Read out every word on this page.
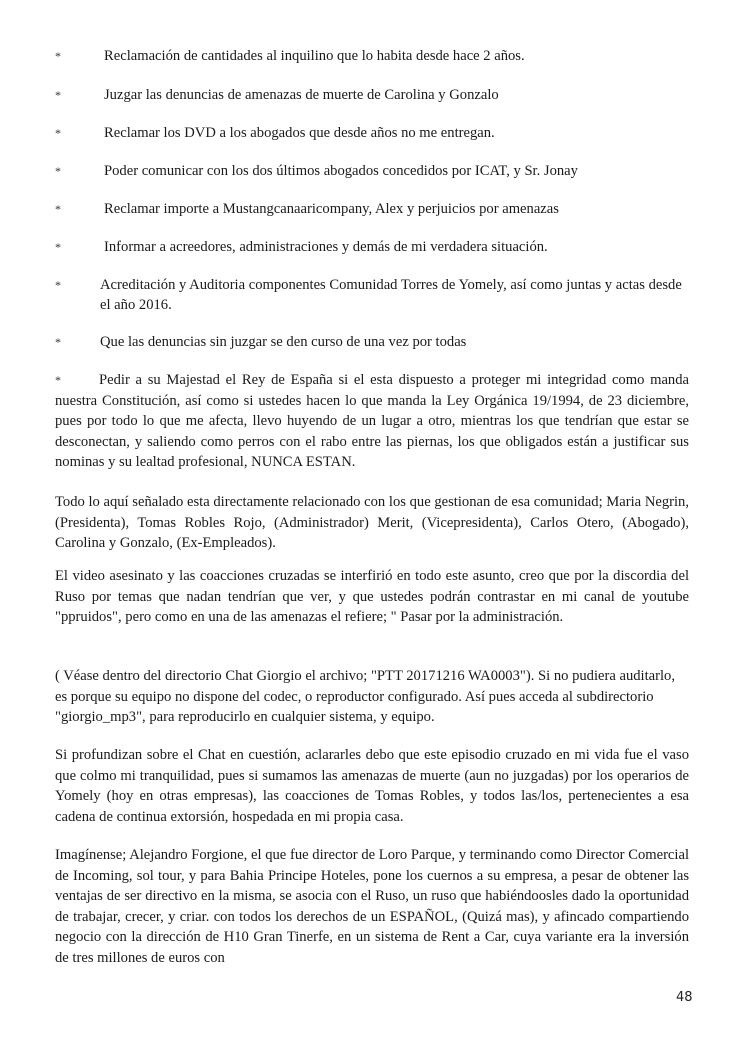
*	Reclamación de cantidades al inquilino que lo habita desde hace 2 años.
*	Juzgar las denuncias de amenazas de muerte de Carolina y Gonzalo
*	Reclamar los DVD a los abogados que desde años no me entregan.
*	Poder comunicar con los dos últimos abogados concedidos por ICAT, y Sr. Jonay
*	Reclamar importe a Mustangcanaaricompany, Alex y perjuicios por amenazas
*	Informar a acreedores, administraciones y demás de mi verdadera situación.
*	Acreditación y Auditoria componentes Comunidad Torres de Yomely, así como juntas y actas desde el año 2016.
*	Que las denuncias sin juzgar se den curso de una vez por todas
*	Pedir a su Majestad el Rey de España si el esta dispuesto a proteger mi integridad como manda nuestra Constitución, así como si ustedes hacen lo que manda la Ley Orgánica 19/1994, de 23 diciembre, pues por todo lo que me afecta, llevo huyendo de un lugar a otro, mientras los que tendrían que estar se desconectan, y saliendo como perros con el rabo entre las piernas, los que obligados están a justificar sus nominas y su lealtad profesional, NUNCA ESTAN.

Todo lo aquí señalado esta directamente relacionado con los que gestionan de esa comunidad; Maria Negrin, (Presidenta), Tomas Robles Rojo, (Administrador) Merit, (Vicepresidenta), Carlos Otero, (Abogado), Carolina y Gonzalo, (Ex-Empleados).

El video asesinato y las coacciones cruzadas se interfirió en todo este asunto, creo que por la discordia del Ruso por temas que nadan tendrían que ver, y que ustedes podrán contrastar en mi canal de youtube "ppruidos", pero como en una de las amenazas el refiere; " Pasar por la administración.

( Véase dentro del directorio Chat Giorgio el archivo; "PTT 20171216 WA0003"). Si no pudiera auditarlo, es porque su equipo no dispone del codec, o reproductor configurado. Así pues acceda al subdirectorio "giorgio_mp3", para reproducirlo en cualquier sistema, y equipo.

Si profundizan sobre el Chat en cuestión, aclararles debo que este episodio cruzado en mi vida fue el vaso que colmo mi tranquilidad, pues si sumamos las amenazas de muerte (aun no juzgadas) por los operarios de Yomely (hoy en otras empresas), las coacciones de Tomas Robles, y todos las/los, pertenecientes a esa cadena de continua extorsión, hospedada en mi propia casa.

Imagínense; Alejandro Forgione, el que fue director de Loro Parque, y terminando como Director Comercial de Incoming, sol tour, y para Bahia Principe Hoteles, pone los cuernos a su empresa, a pesar de obtener las ventajas de ser directivo en la misma, se asocia con el Ruso, un ruso que habiéndoosles dado la oportunidad de trabajar, crecer, y criar. con todos los derechos de un ESPAÑOL, (Quizá mas), y afincado compartiendo negocio con la dirección de H10 Gran Tinerfe, en un sistema de Rent a Car, cuya variante era la inversión de tres millones de euros con

48
